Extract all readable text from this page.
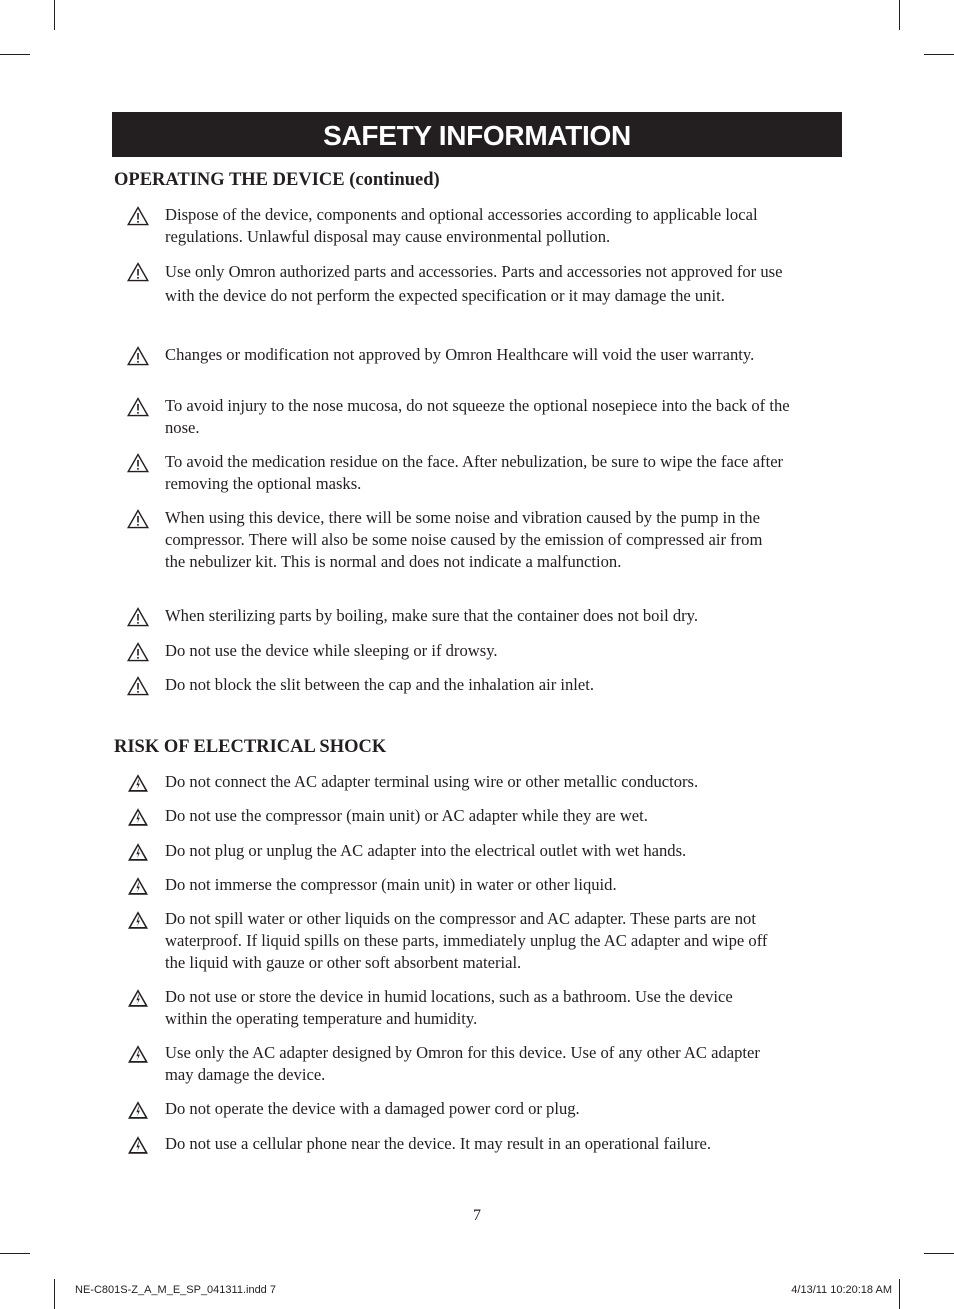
SAFETY INFORMATION
OPERATING THE DEVICE (continued)
Dispose of the device, components and optional accessories according to applicable local regulations. Unlawful disposal may cause environmental pollution.
Use only Omron authorized parts and accessories. Parts and accessories not approved for use with the device do not perform the expected specification or it may damage the unit.
Changes or modification not approved by Omron Healthcare will void the user warranty.
To avoid injury to the nose mucosa, do not squeeze the optional nosepiece into the back of the nose.
To avoid the medication residue on the face. After nebulization, be sure to wipe the face after removing the optional masks.
When using this device, there will be some noise and vibration caused by the pump in the compressor. There will also be some noise caused by the emission of compressed air from the nebulizer kit. This is normal and does not indicate a malfunction.
When sterilizing parts by boiling, make sure that the container does not boil dry.
Do not use the device while sleeping or if drowsy.
Do not block the slit between the cap and the inhalation air inlet.
RISK OF ELECTRICAL SHOCK
Do not connect the AC adapter terminal using wire or other metallic conductors.
Do not use the compressor (main unit) or AC adapter while they are wet.
Do not plug or unplug the AC adapter into the electrical outlet with wet hands.
Do not immerse the compressor (main unit) in water or other liquid.
Do not spill water or other liquids on the compressor and AC adapter. These parts are not waterproof. If liquid spills on these parts, immediately unplug the AC adapter and wipe off the liquid with gauze or other soft absorbent material.
Do not use or store the device in humid locations, such as a bathroom. Use the device within the operating temperature and humidity.
Use only the AC adapter designed by Omron for this device. Use of any other AC adapter may damage the device.
Do not operate the device with a damaged power cord or plug.
Do not use a cellular phone near the device. It may result in an operational failure.
7
NE-C801S-Z_A_M_E_SP_041311.indd 7	4/13/11 10:20:18 AM
